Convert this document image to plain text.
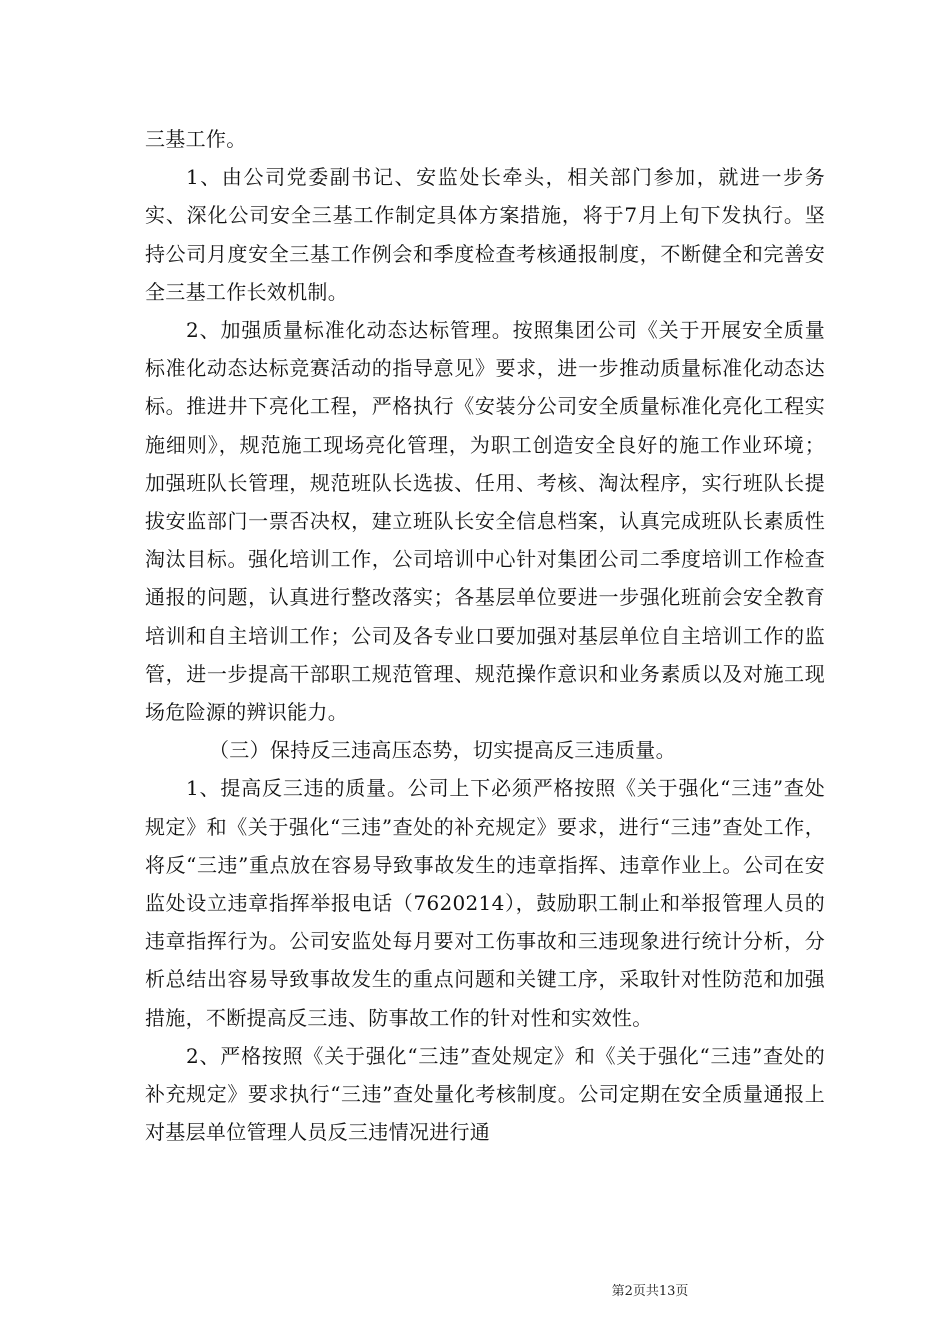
三基工作。

1、由公司党委副书记、安监处长牵头，相关部门参加，就进一步务实、深化公司安全三基工作制定具体方案措施，将于7月上旬下发执行。坚持公司月度安全三基工作例会和季度检查考核通报制度，不断健全和完善安全三基工作长效机制。

2、加强质量标准化动态达标管理。按照集团公司《关于开展安全质量标准化动态达标竞赛活动的指导意见》要求，进一步推动质量标准化动态达标。推进井下亮化工程，严格执行《安装分公司安全质量标准化亮化工程实施细则》，规范施工现场亮化管理，为职工创造安全良好的施工作业环境；加强班队长管理，规范班队长选拔、任用、考核、淘汰程序，实行班队长提拔安监部门一票否决权，建立班队长安全信息档案，认真完成班队长素质性淘汰目标。强化培训工作，公司培训中心针对集团公司二季度培训工作检查通报的问题，认真进行整改落实；各基层单位要进一步强化班前会安全教育培训和自主培训工作；公司及各专业口要加强对基层单位自主培训工作的监管，进一步提高干部职工规范管理、规范操作意识和业务素质以及对施工现场危险源的辨识能力。

（三）保持反三违高压态势，切实提高反三违质量。

1、提高反三违的质量。公司上下必须严格按照《关于强化“三违”查处规定》和《关于强化“三违”查处的补充规定》要求，进行“三违”查处工作，将反“三违”重点放在容易导致事故发生的违章指挥、违章作业上。公司在安监处设立违章指挥举报电话（7620214），鼓励职工制止和举报管理人员的违章指挥行为。公司安监处每月要对工伤事故和三违现象进行统计分析，分析总结出容易导致事故发生的重点问题和关键工序，采取针对性防范和加强措施，不断提高反三违、防事故工作的针对性和实效性。

2、严格按照《关于强化“三违”查处规定》和《关于强化“三违”查处的补充规定》要求执行“三违”查处量化考核制度。公司定期在安全质量通报上对基层单位管理人员反三违情况进行通

第2页共13页
